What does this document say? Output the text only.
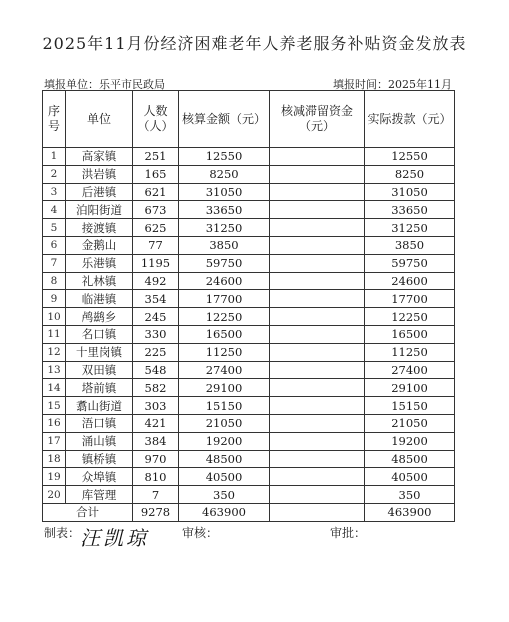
2025年11月份经济困难老年人养老服务补贴资金发放表
填报单位：乐平市民政局	填报时间：2025年11月
序号	单位	人数（人）	核算金额（元）	核减滞留资金（元）	实际拨款（元）
1	高家镇	251	12550		12550
2	洪岩镇	165	8250		8250
3	后港镇	621	31050		31050
4	泊阳街道	673	33650		33650
5	接渡镇	625	31250		31250
6	金鹅山	77	3850		3850
7	乐港镇	1195	59750		59750
8	礼林镇	492	24600		24600
9	临港镇	354	17700		17700
10	鸬鹚乡	245	12250		12250
11	名口镇	330	16500		16500
12	十里岗镇	225	11250		11250
13	双田镇	548	27400		27400
14	塔前镇	582	29100		29100
15	翥山街道	303	15150		15150
16	浯口镇	421	21050		21050
17	涌山镇	384	19200		19200
18	镇桥镇	970	48500		48500
19	众埠镇	810	40500		40500
20	库管理	7	350		350
合计		9278	463900		463900
制表： 汪凯琼	审核：	审批：
